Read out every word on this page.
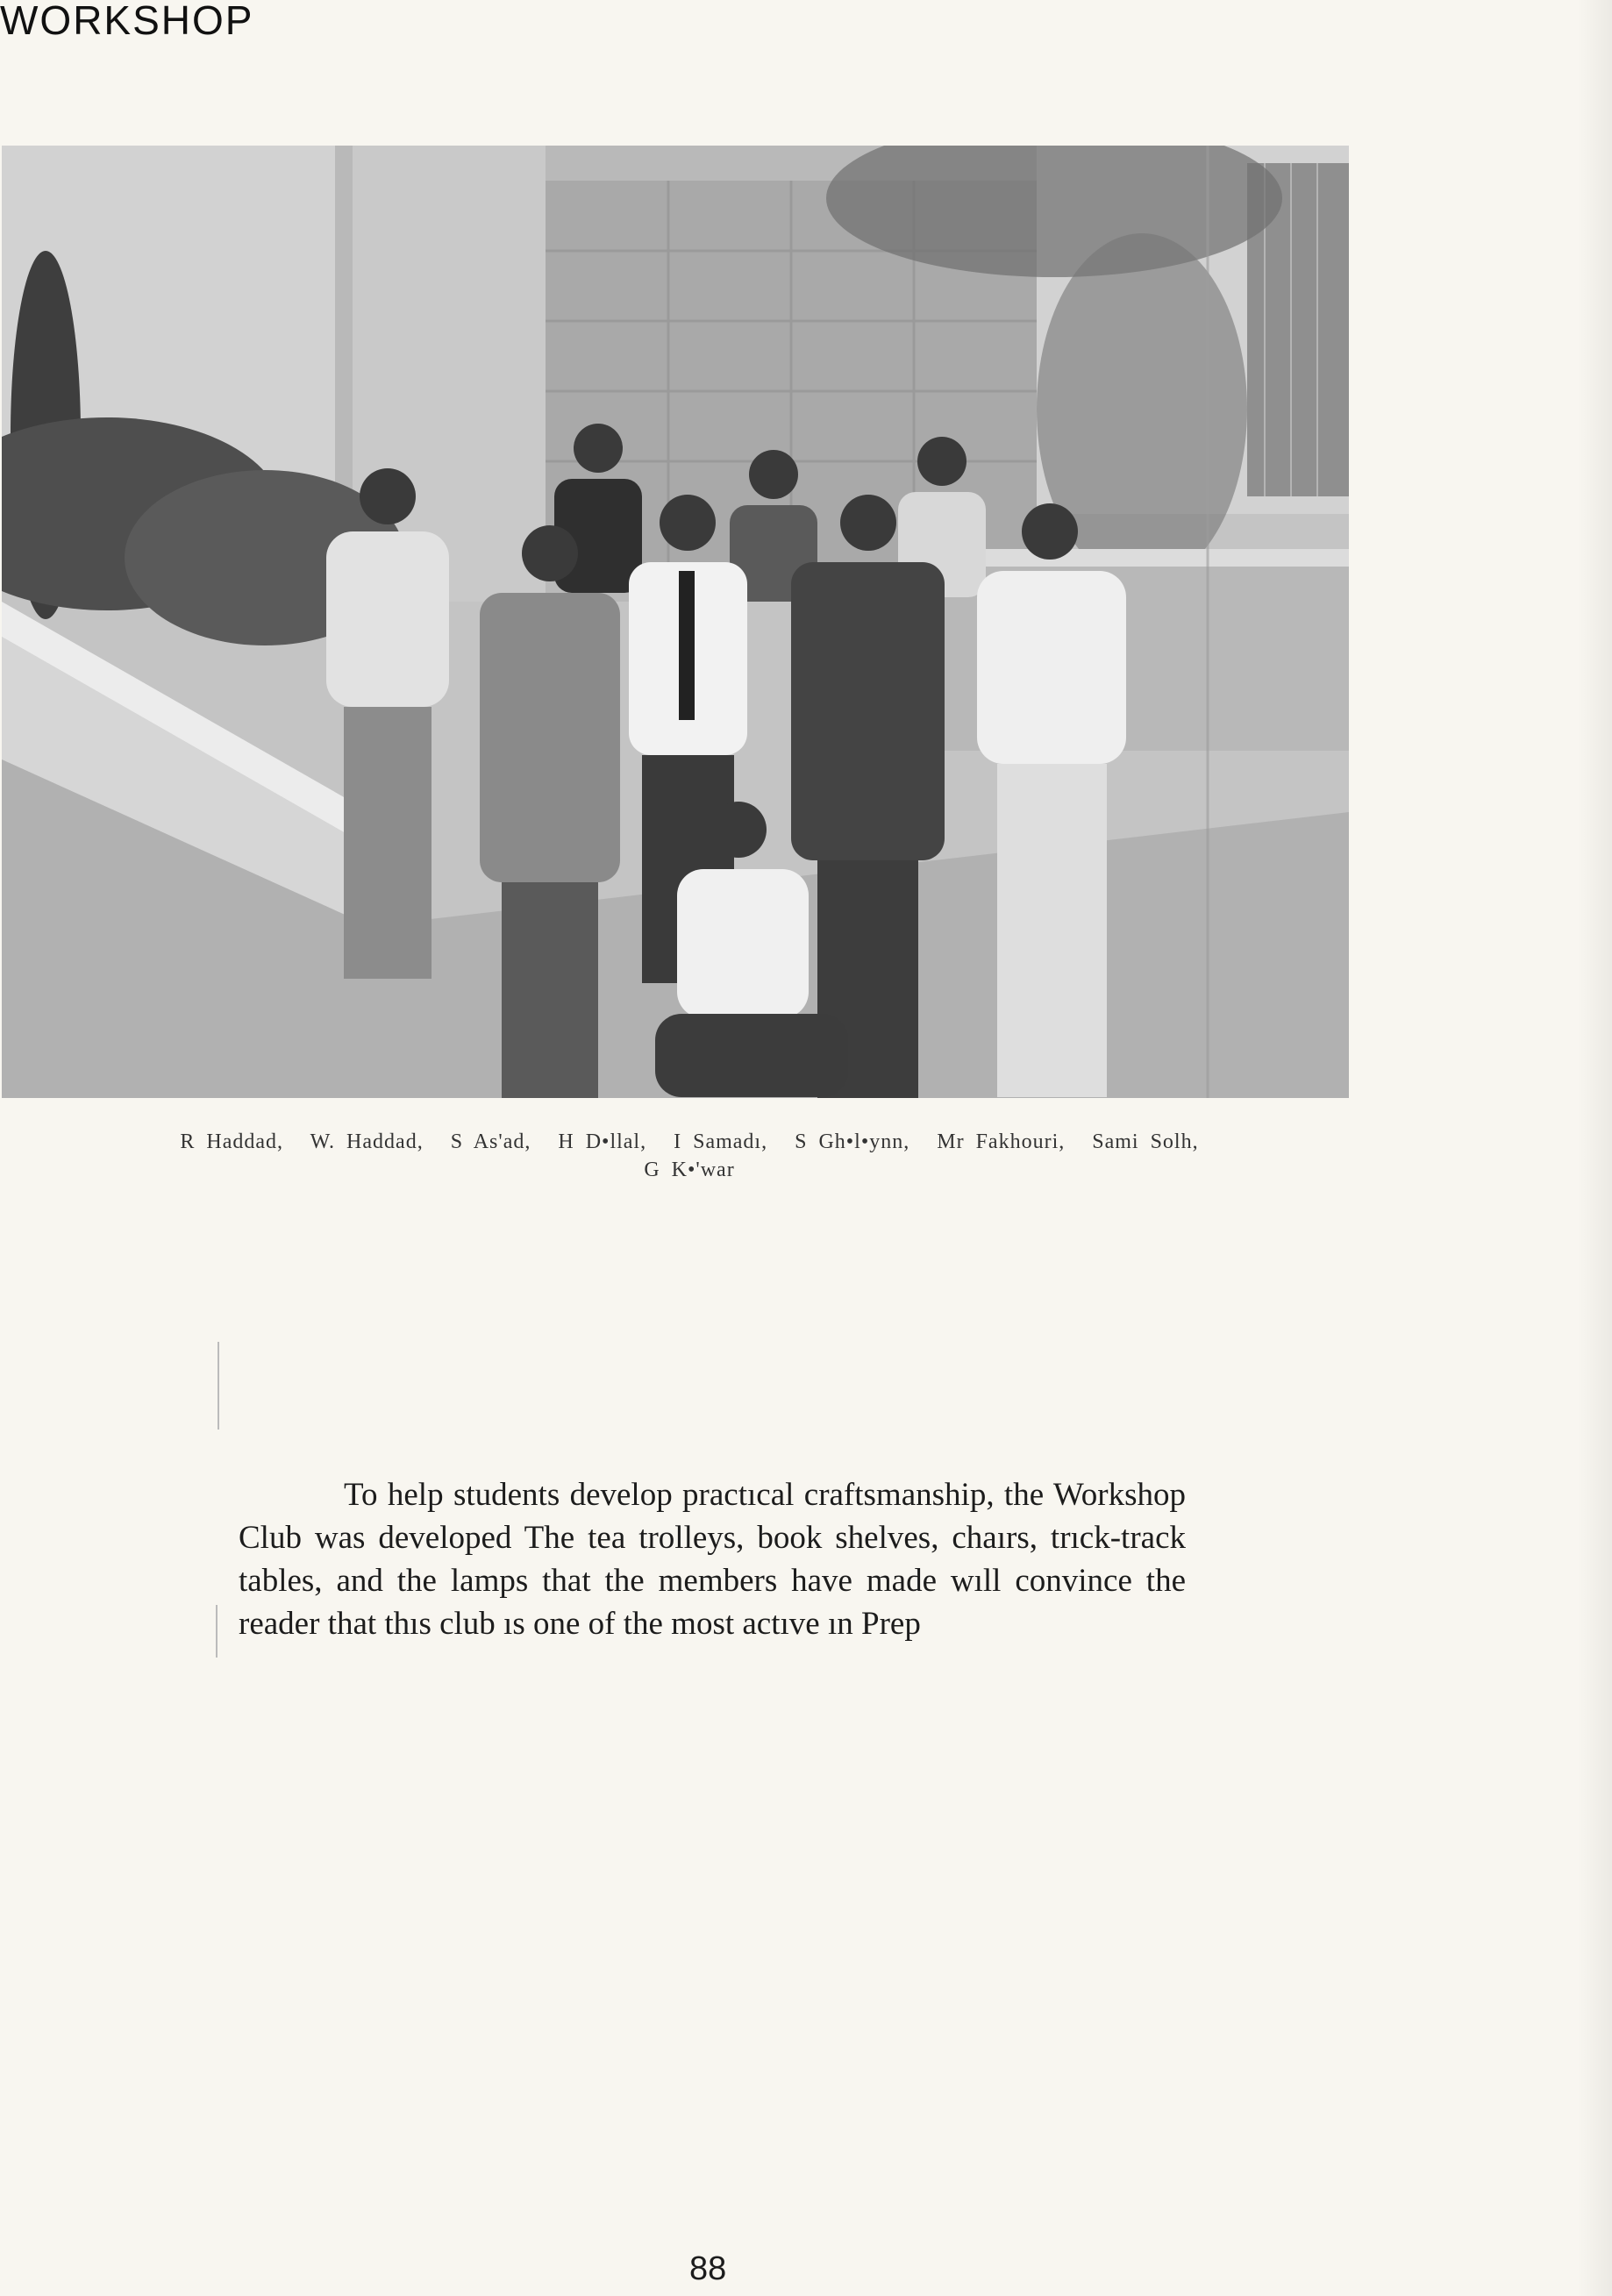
WORKSHOP
R Haddad, W. Haddad, S As'ad, H D•llal, I Samadı, S Gh•l•ynn, Mr Fakhouri, Sami Solh,
G K•'war

To help students develop practıcal craftsmanship, the Workshop Club was developed The tea trolleys, book shelves, chaırs, trıck-track tables, and the lamps that the members have made wıll convince the reader that thıs club ıs one of the most actıve ın Prep

88
